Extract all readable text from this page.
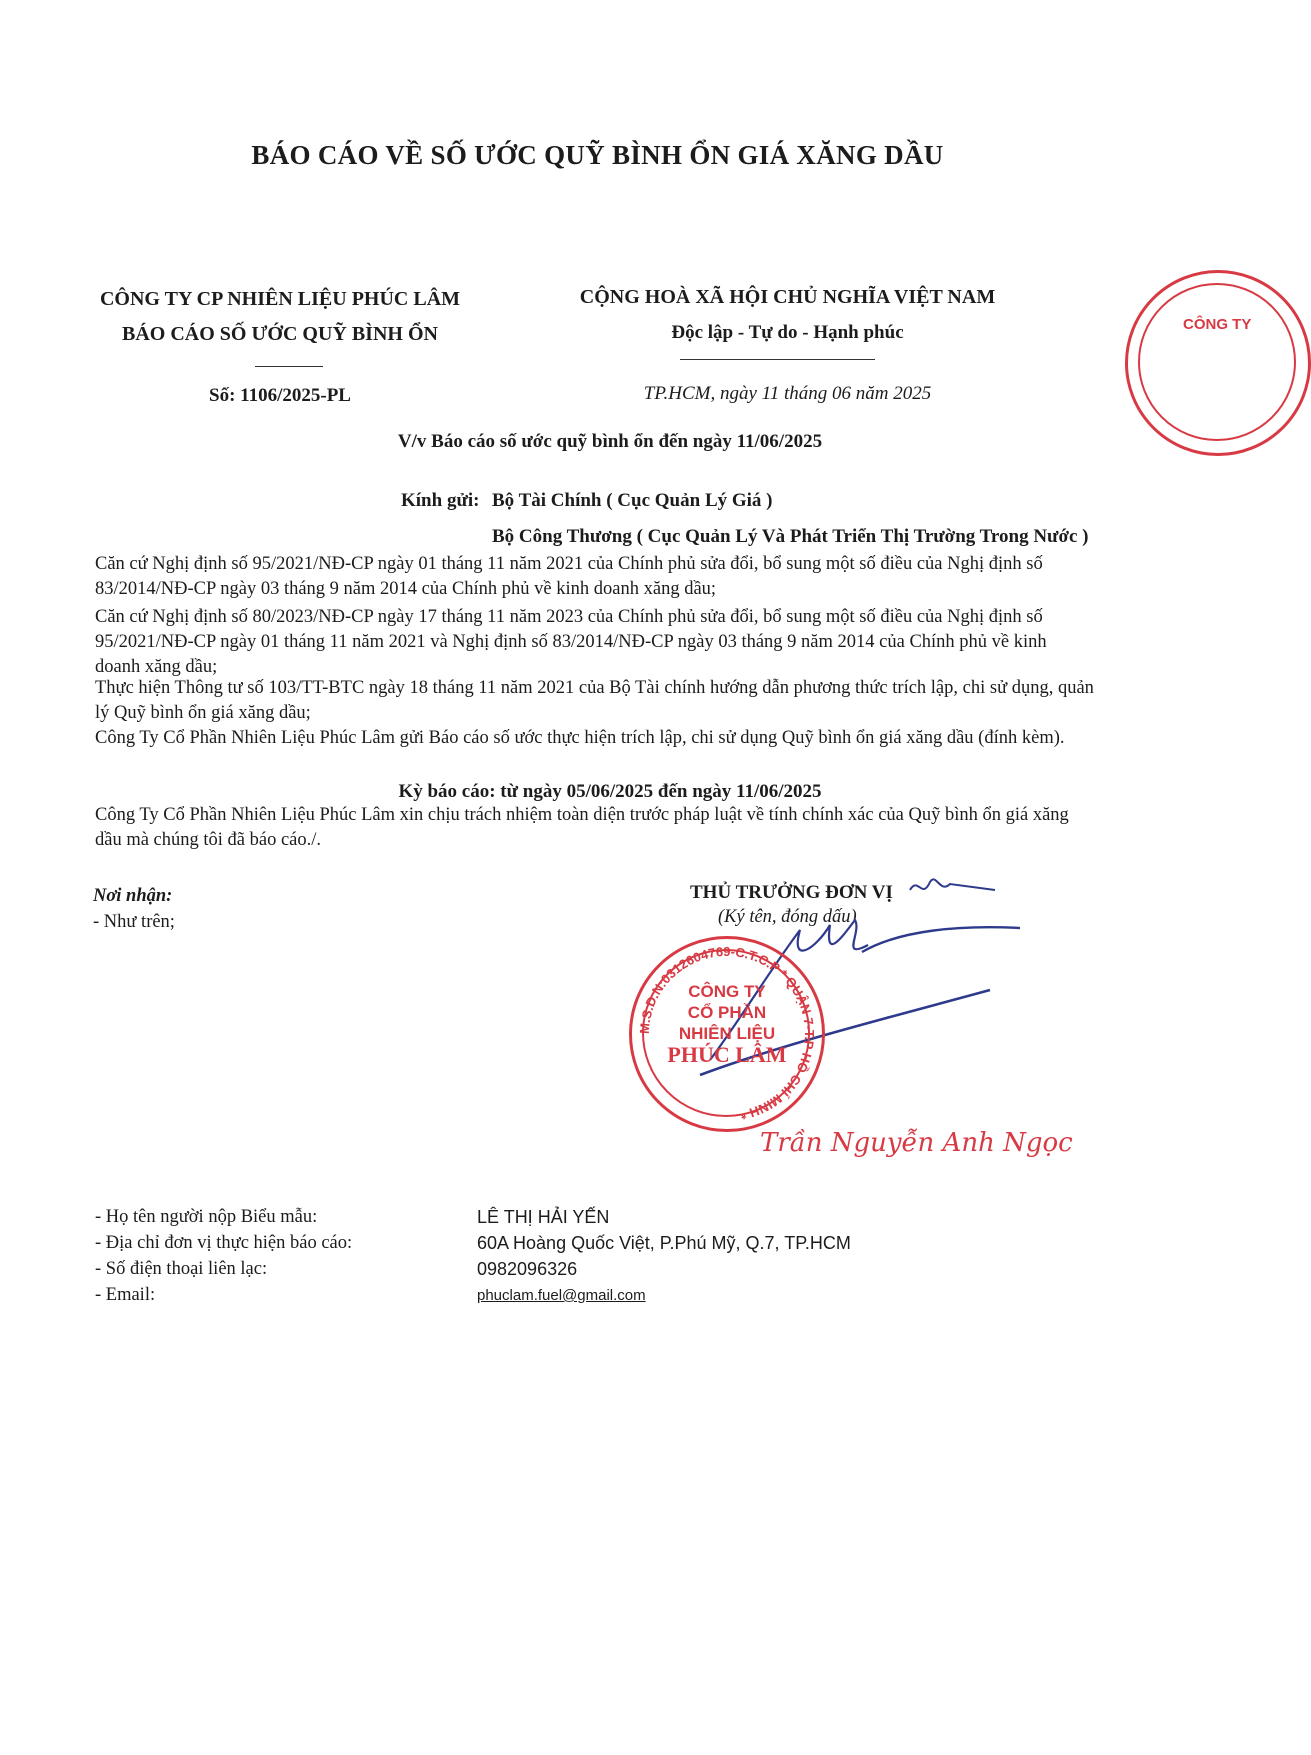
BÁO CÁO VỀ SỐ ƯỚC QUỸ BÌNH ỔN GIÁ XĂNG DẦU
CÔNG TY CP NHIÊN LIỆU PHÚC LÂM
BÁO CÁO SỐ ƯỚC QUỸ BÌNH ỔN
Số: 1106/2025-PL
CỘNG HOÀ XÃ HỘI CHỦ NGHĨA VIỆT NAM
Độc lập - Tự do - Hạnh phúc
TP.HCM, ngày 11 tháng 06 năm 2025
V/v Báo cáo số ước quỹ bình ổn đến ngày 11/06/2025
Kính gửi: Bộ Tài Chính ( Cục Quản Lý Giá )
Bộ Công Thương ( Cục Quản Lý Và Phát Triển Thị Trường Trong Nước )
Căn cứ Nghị định số 95/2021/NĐ-CP ngày 01 tháng 11 năm 2021 của Chính phủ sửa đổi, bổ sung một số điều của Nghị định số 83/2014/NĐ-CP ngày 03 tháng 9 năm 2014 của Chính phủ về kinh doanh xăng dầu;
Căn cứ Nghị định số 80/2023/NĐ-CP ngày 17 tháng 11 năm 2023 của Chính phủ sửa đổi, bổ sung một số điều của Nghị định số 95/2021/NĐ-CP ngày 01 tháng 11 năm 2021 và Nghị định số 83/2014/NĐ-CP ngày 03 tháng 9 năm 2014 của Chính phủ về kinh doanh xăng dầu;
Thực hiện Thông tư số 103/TT-BTC ngày 18 tháng 11 năm 2021 của Bộ Tài chính hướng dẫn phương thức trích lập, chi sử dụng, quản lý Quỹ bình ổn giá xăng dầu;
Công Ty Cổ Phần Nhiên Liệu Phúc Lâm gửi Báo cáo số ước thực hiện trích lập, chi sử dụng Quỹ bình ổn giá xăng dầu (đính kèm).
Kỳ báo cáo: từ ngày 05/06/2025 đến ngày 11/06/2025
Công Ty Cổ Phần Nhiên Liệu Phúc Lâm xin chịu trách nhiệm toàn diện trước pháp luật về tính chính xác của Quỹ bình ổn giá xăng dầu mà chúng tôi đã báo cáo./.
Nơi nhận:
- Như trên;
THỦ TRƯỞNG ĐƠN VỊ
(Ký tên, đóng dấu)
M.S.D.N:0312604769-C.T.C.P * QUẬN 7-T.P HỒ CHÍ MINH *
CÔNG TY
CỔ PHẦN
NHIÊN LIỆU
PHÚC LÂM
CÔNG TY
Trần Nguyễn Anh Ngọc
- Họ tên người nộp Biểu mẫu:
- Địa chỉ đơn vị thực hiện báo cáo:
- Số điện thoại liên lạc:
- Email:
LÊ THỊ HẢI YẾN
60A Hoàng Quốc Việt, P.Phú Mỹ, Q.7, TP.HCM
0982096326
phuclam.fuel@gmail.com
